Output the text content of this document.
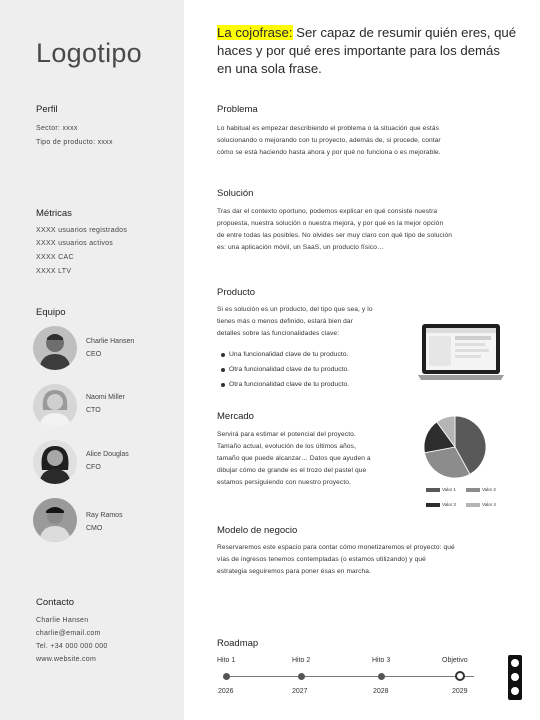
Logotipo
Perfil
Sector: xxxx
Tipo de producto: xxxx
Métricas
XXXX usuarios registrados
XXXX usuarios activos
XXXX CAC
XXXX LTV
Equipo
Charlie Hansen
CEO
Naomi Miller
CTO
Alice Douglas
CFO
Ray Ramos
CMO
Contacto
Charlie Hansen
charlie@email.com
Tel. +34 000 000 000
www.website.com
La cojofrase: Ser capaz de resumir quién eres, qué haces y por qué eres importante para los demás en una sola frase.
Problema
Lo habitual es empezar describiendo el problema o la situación que estás
solucionando o mejorando con tu proyecto, además de, si procede, contar
cómo se está haciendo hasta ahora y por qué no funciona o es mejorable.
Solución
Tras dar el contexto oportuno, podemos explicar en qué consiste nuestra
propuesta, nuestra solución o nuestra mejora, y por qué es la mejor opción
de entre todas las posibles. No olvides ser muy claro con qué tipo de solución
es: una aplicación móvil, un SaaS, un producto físico…
Producto
Si es solución es un producto, del tipo que sea, y lo
tienes más o menos definido, estará bien dar
detalles sobre las funcionalidades clave:
Una funcionalidad clave de tu producto.
Otra funcionalidad clave de tu producto.
Otra funcionalidad clave de tu producto.
Mercado
Servirá para estimar el potencial del proyecto.
Tamaño actual, evolución de los últimos años,
tamaño que puede alcanzar… Datos que ayuden a
dibujar cómo de grande es el trozo del pastel que
estamos persiguiendo con nuestro proyecto.
Valor 1	Valor 2
Valor 3	Valor 4
Modelo de negocio
Reservaremos este espacio para contar cómo monetizaremos el proyecto: qué
vías de ingresos tenemos contempladas (o estamos utilizando) y qué
estrategia seguiremos para poner ésas en marcha.
Roadmap
Hito 1	Hito 2	Hito 3	Objetivo
2026	2027	2028	2029
